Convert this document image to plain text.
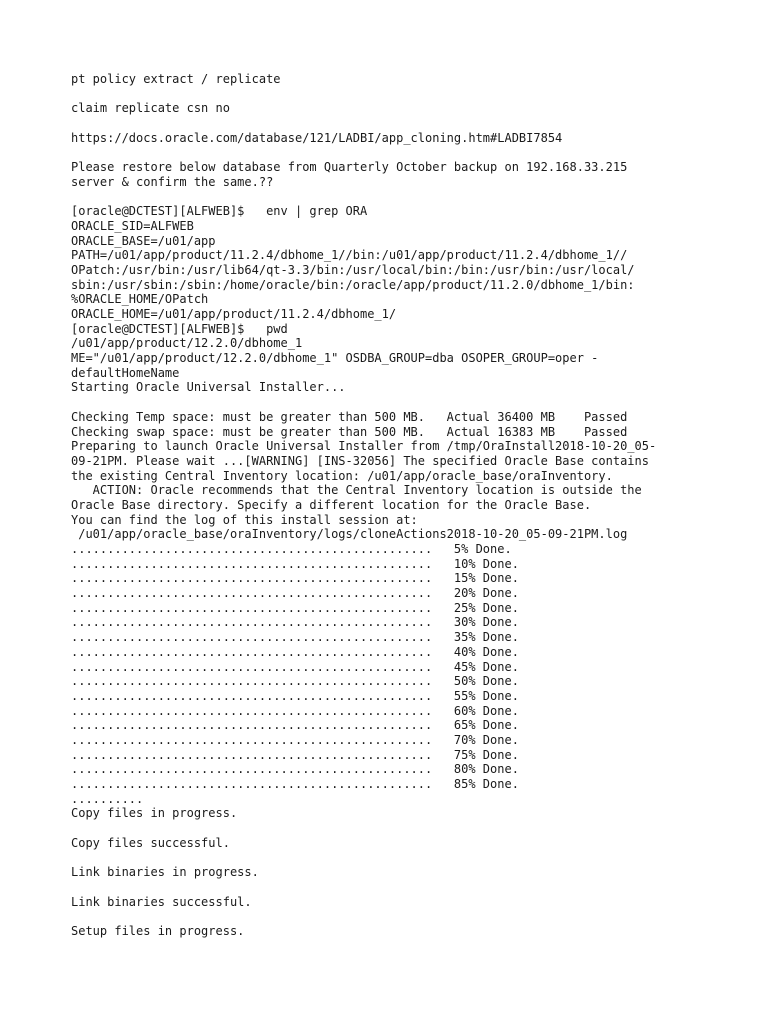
pt policy extract / replicate
claim replicate csn no
https://docs.oracle.com/database/121/LADBI/app_cloning.htm#LADBI7854
Please restore below database from Quarterly October backup on 192.168.33.215
server & confirm the same.??
[oracle@DCTEST][ALFWEB]$   env | grep ORA
ORACLE_SID=ALFWEB
ORACLE_BASE=/u01/app
PATH=/u01/app/product/11.2.4/dbhome_1//bin:/u01/app/product/11.2.4/dbhome_1//
OPatch:/usr/bin:/usr/lib64/qt-3.3/bin:/usr/local/bin:/bin:/usr/bin:/usr/local/
sbin:/usr/sbin:/sbin:/home/oracle/bin:/oracle/app/product/11.2.0/dbhome_1/bin:
%ORACLE_HOME/OPatch
ORACLE_HOME=/u01/app/product/11.2.4/dbhome_1/
[oracle@DCTEST][ALFWEB]$   pwd
/u01/app/product/12.2.0/dbhome_1
ME="/u01/app/product/12.2.0/dbhome_1" OSDBA_GROUP=dba OSOPER_GROUP=oper -
defaultHomeName
Starting Oracle Universal Installer...
Checking Temp space: must be greater than 500 MB.   Actual 36400 MB    Passed
Checking swap space: must be greater than 500 MB.   Actual 16383 MB    Passed
Preparing to launch Oracle Universal Installer from /tmp/OraInstall2018-10-20_05-
09-21PM. Please wait ...[WARNING] [INS-32056] The specified Oracle Base contains
the existing Central Inventory location: /u01/app/oracle_base/oraInventory.
ACTION: Oracle recommends that the Central Inventory location is outside the
Oracle Base directory. Specify a different location for the Oracle Base.
You can find the log of this install session at:
/u01/app/oracle_base/oraInventory/logs/cloneActions2018-10-20_05-09-21PM.log
..................................................   5% Done.
..................................................   10% Done.
..................................................   15% Done.
..................................................   20% Done.
..................................................   25% Done.
..................................................   30% Done.
..................................................   35% Done.
..................................................   40% Done.
..................................................   45% Done.
..................................................   50% Done.
..................................................   55% Done.
..................................................   60% Done.
..................................................   65% Done.
..................................................   70% Done.
..................................................   75% Done.
..................................................   80% Done.
..................................................   85% Done.
..........
Copy files in progress.
Copy files successful.
Link binaries in progress.
Link binaries successful.
Setup files in progress.
